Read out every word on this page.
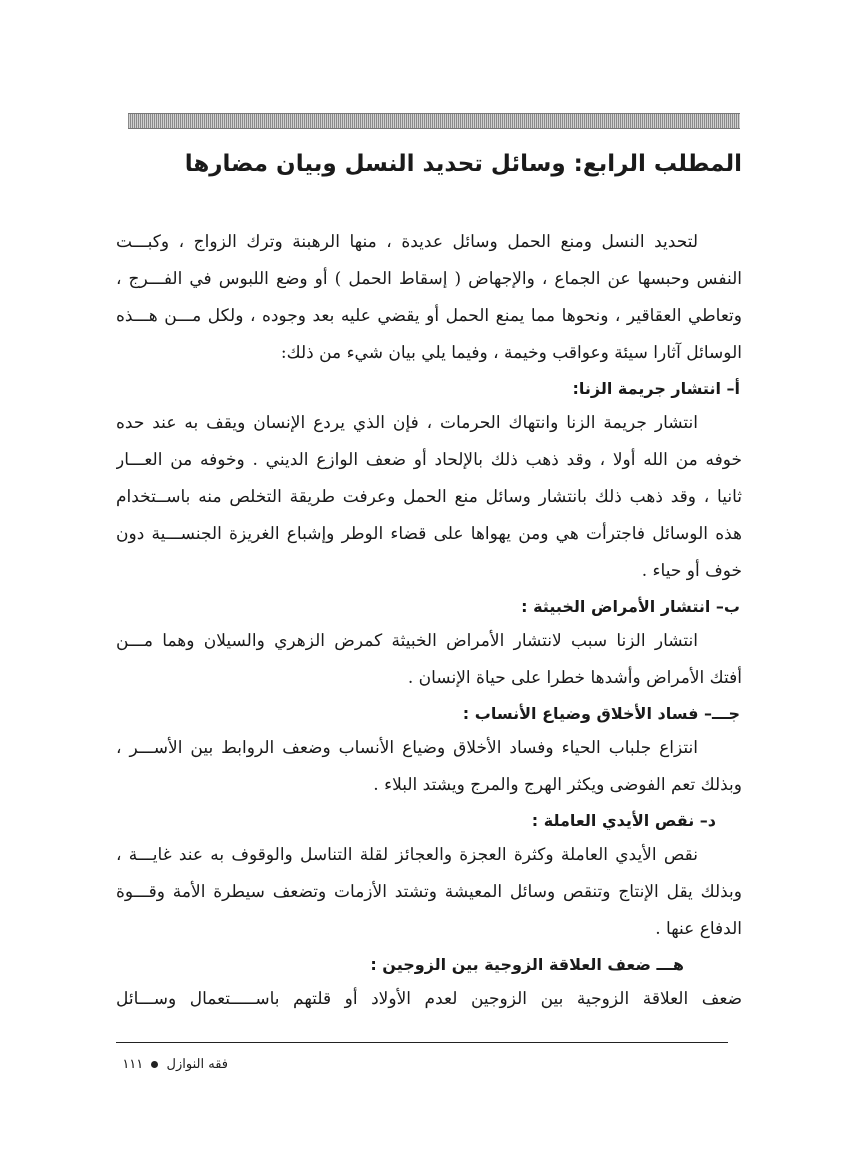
المطلب الرابع: وسائل تحديد النسل وبيان مضارها
لتحديد النسل ومنع الحمل وسائل عديدة ، منها الرهبنة وترك الزواج ، وكبـــت
النفس وحبسها عن الجماع ، والإجهاض ( إسقاط الحمل ) أو وضع اللبوس في الفـــرج ،
وتعاطي العقاقير ، ونحوها مما يمنع الحمل أو يقضي عليه بعد وجوده ، ولكل مـــن هـــذه
الوسائل آثارا سيئة وعواقب وخيمة ، وفيما يلي بيان شيء من ذلك:
أ– انتشار جريمة الزنا:
انتشار جريمة الزنا وانتهاك الحرمات ، فإن الذي يردع الإنسان ويقف به عند حده
خوفه من الله أولا ، وقد ذهب ذلك بالإلحاد أو ضعف الوازع الديني . وخوفه من العـــار
ثانيا ، وقد ذهب ذلك بانتشار وسائل منع الحمل وعرفت طريقة التخلص منه باســتخدام
هذه الوسائل فاجترأت هي ومن يهواها على قضاء الوطر وإشباع الغريزة الجنســـية دون
خوف أو حياء .
ب– انتشار الأمراض الخبيثة :
انتشار الزنا سبب لانتشار الأمراض الخبيثة كمرض الزهري والسيلان وهما مـــن
أفتك الأمراض وأشدها خطرا على حياة الإنسان .
جـــ– فساد الأخلاق وضياع الأنساب :
انتزاع جلباب الحياء وفساد الأخلاق وضياع الأنساب وضعف الروابط بين الأســـر ،
وبذلك تعم الفوضى ويكثر الهرج والمرج ويشتد البلاء .
د– نقص الأيدي العاملة :
نقص الأيدي العاملة وكثرة العجزة والعجائز لقلة التناسل والوقوف به عند غايـــة ،
وبذلك يقل الإنتاج وتنقص وسائل المعيشة وتشتد الأزمات وتضعف سيطرة الأمة وقـــوة
الدفاع عنها .
هـــ ضعف العلاقة الزوجية بين الزوجين :
ضعف العلاقة الزوجية بين الزوجين لعدم الأولاد أو قلتهم باســـــتعمال وســـائل
فقه النوازل  ١١١
